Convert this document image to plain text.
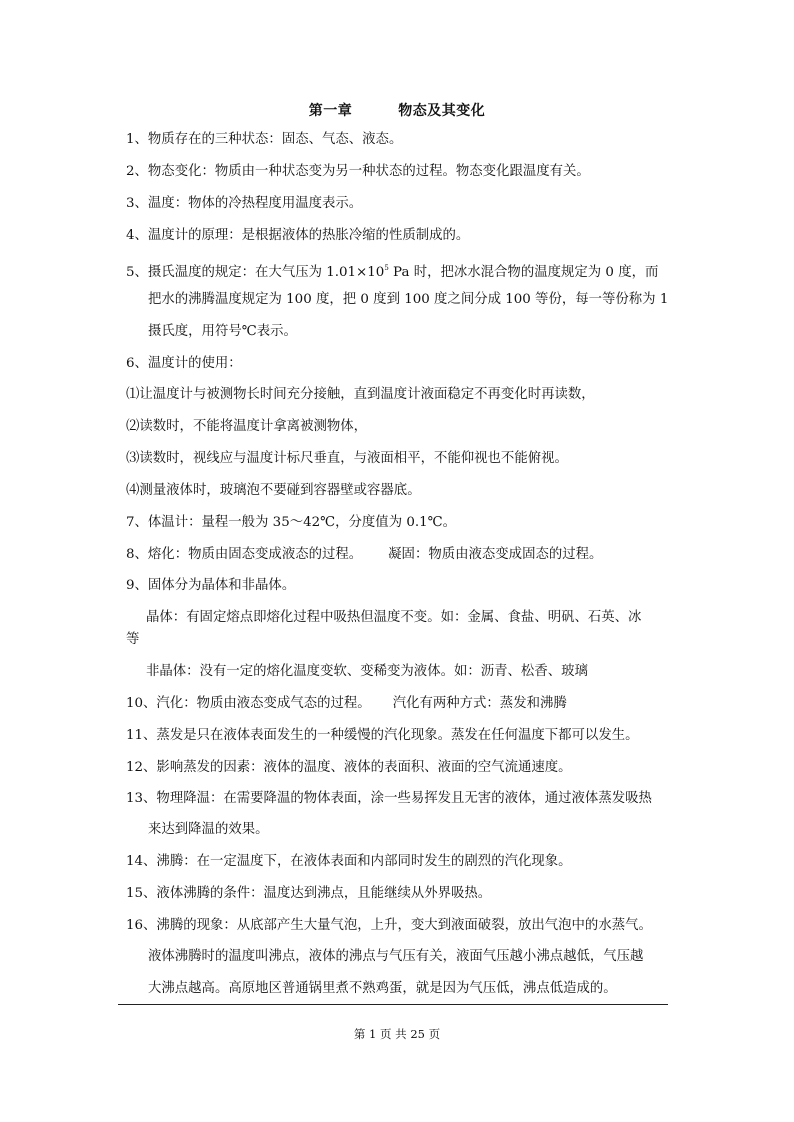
第一章	物态及其变化
1、物质存在的三种状态：固态、气态、液态。
2、物态变化：物质由一种状态变为另一种状态的过程。物态变化跟温度有关。
3、温度：物体的冷热程度用温度表示。
4、温度计的原理：是根据液体的热胀冷缩的性质制成的。
5、摄氏温度的规定：在大气压为 $1.01\times 10^5$ Pa 时，把冰水混合物的温度规定为 0 度，而
把水的沸腾温度规定为 100 度，把 0 度到 100 度之间分成 100 等份，每一等份称为 1
摄氏度，用符号℃表示。
6、温度计的使用：
⑴让温度计与被测物长时间充分接触，直到温度计液面稳定不再变化时再读数，
⑵读数时，不能将温度计拿离被测物体，
⑶读数时，视线应与温度计标尺垂直，与液面相平，不能仰视也不能俯视。
⑷测量液体时，玻璃泡不要碰到容器壁或容器底。
7、体温计：量程一般为 35～42℃，分度值为 0.1℃。
8、熔化：物质由固态变成液态的过程。 凝固：物质由液态变成固态的过程。
9、固体分为晶体和非晶体。
晶体：有固定熔点即熔化过程中吸热但温度不变。如：金属、食盐、明矾、石英、冰
等
非晶体：没有一定的熔化温度变软、变稀变为液体。如：沥青、松香、玻璃
10、汽化：物质由液态变成气态的过程。 汽化有两种方式：蒸发和沸腾
11、蒸发是只在液体表面发生的一种缓慢的汽化现象。蒸发在任何温度下都可以发生。
12、影响蒸发的因素：液体的温度、液体的表面积、液面的空气流通速度。
13、物理降温：在需要降温的物体表面，涂一些易挥发且无害的液体，通过液体蒸发吸热
来达到降温的效果。
14、沸腾：在一定温度下，在液体表面和内部同时发生的剧烈的汽化现象。
15、液体沸腾的条件：温度达到沸点，且能继续从外界吸热。
16、沸腾的现象：从底部产生大量气泡，上升，变大到液面破裂，放出气泡中的水蒸气。
液体沸腾时的温度叫沸点，液体的沸点与气压有关，液面气压越小沸点越低，气压越
大沸点越高。高原地区普通锅里煮不熟鸡蛋，就是因为气压低，沸点低造成的。
第 1 页 共 25 页
